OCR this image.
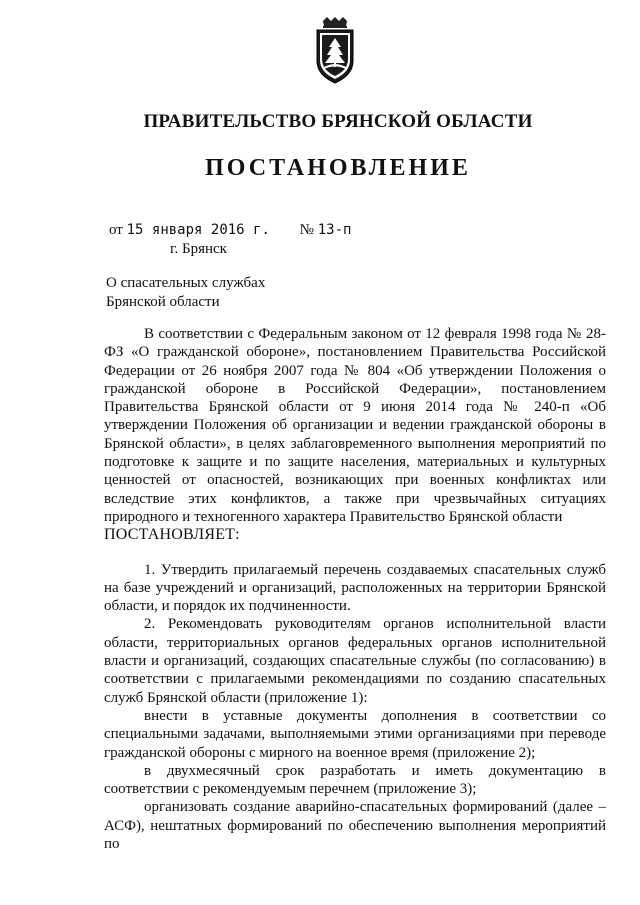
ПРАВИТЕЛЬСТВО БРЯНСКОЙ ОБЛАСТИ
ПОСТАНОВЛЕНИЕ
от 15 января 2016 г. № 13-п
г. Брянск
О спасательных службах
Брянской области

В соответствии с Федеральным законом от 12 февраля 1998 года № 28-ФЗ «О гражданской обороне», постановлением Правительства Российской Федерации от 26 ноября 2007 года № 804 «Об утверждении Положения о гражданской обороне в Российской Федерации», постановлением Правительства Брянской области от 9 июня 2014 года № 240-п «Об утверждении Положения об организации и ведении гражданской обороны в Брянской области», в целях заблаговременного выполнения мероприятий по подготовке к защите и по защите населения, материальных и культурных ценностей от опасностей, возникающих при военных конфликтах или вследствие этих конфликтов, а также при чрезвычайных ситуациях природного и техногенного характера Правительство Брянской области

ПОСТАНОВЛЯЕТ:

1. Утвердить прилагаемый перечень создаваемых спасательных служб на базе учреждений и организаций, расположенных на территории Брянской области, и порядок их подчиненности.

2. Рекомендовать руководителям органов исполнительной власти области, территориальных органов федеральных органов исполнительной власти и организаций, создающих спасательные службы (по согласованию) в соответствии с прилагаемыми рекомендациями по созданию спасательных служб Брянской области (приложение 1):

внести в уставные документы дополнения в соответствии со специальными задачами, выполняемыми этими организациями при переводе гражданской обороны с мирного на военное время (приложение 2);

в двухмесячный срок разработать и иметь документацию в соответствии с рекомендуемым перечнем (приложение 3);

организовать создание аварийно-спасательных формирований (далее – АСФ), нештатных формирований по обеспечению выполнения мероприятий по
